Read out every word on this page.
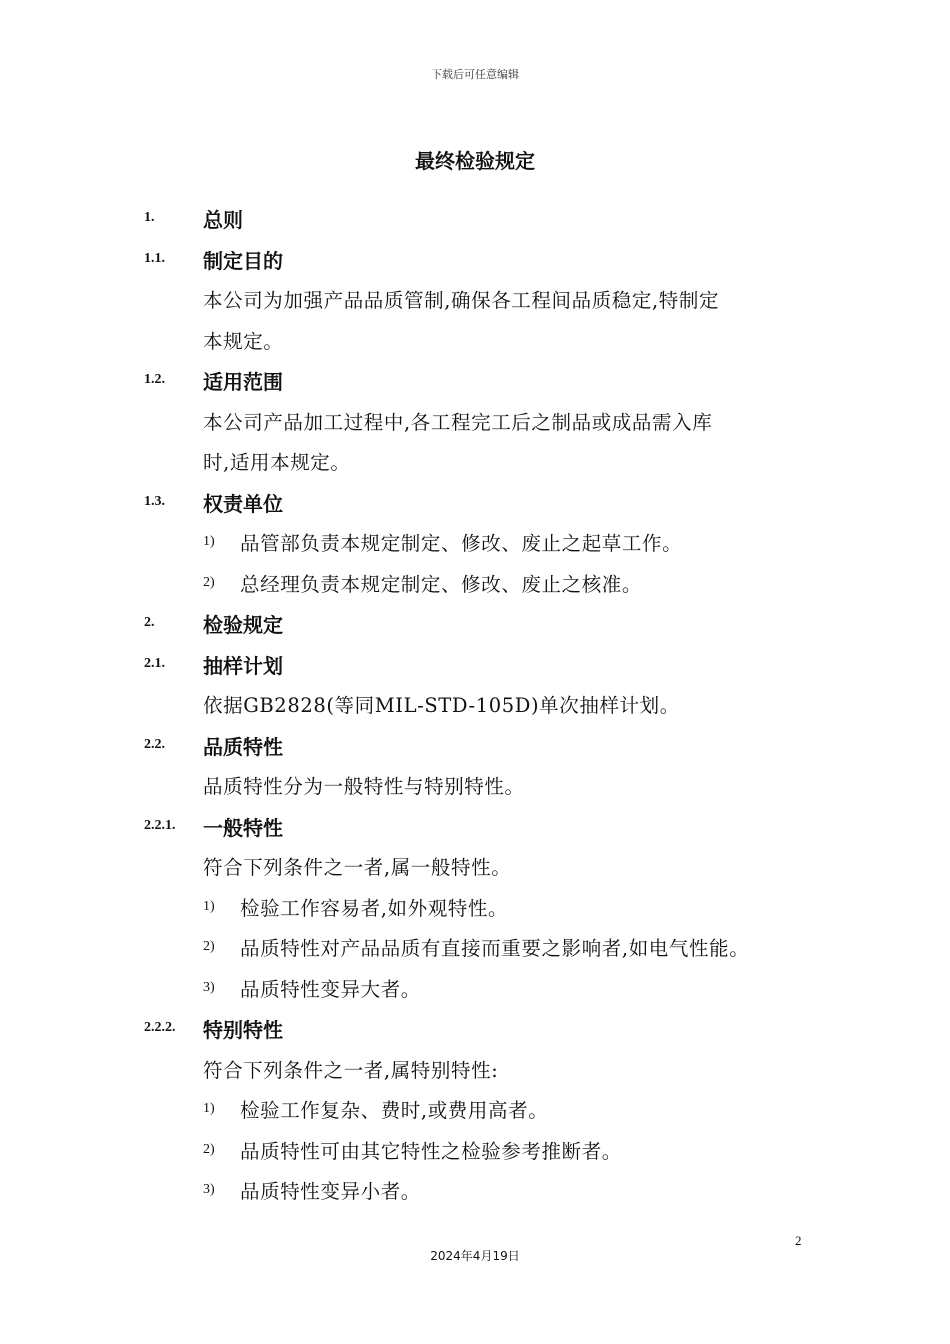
下载后可任意编辑
最终检验规定
1. 总则
1.1. 制定目的
本公司为加强产品品质管制,确保各工程间品质稳定,特制定
本规定。
1.2. 适用范围
本公司产品加工过程中,各工程完工后之制品或成品需入库
时,适用本规定。
1.3. 权责单位
1) 品管部负责本规定制定、修改、废止之起草工作。
2) 总经理负责本规定制定、修改、废止之核准。
2. 检验规定
2.1. 抽样计划
依据GB2828(等同MIL-STD-105D)单次抽样计划。
2.2. 品质特性
品质特性分为一般特性与特别特性。
2.2.1. 一般特性
符合下列条件之一者,属一般特性。
1) 检验工作容易者,如外观特性。
2) 品质特性对产品品质有直接而重要之影响者,如电气性能。
3) 品质特性变异大者。
2.2.2. 特别特性
符合下列条件之一者,属特别特性:
1) 检验工作复杂、费时,或费用高者。
2) 品质特性可由其它特性之检验参考推断者。
3) 品质特性变异小者。
2
2024年4月19日
